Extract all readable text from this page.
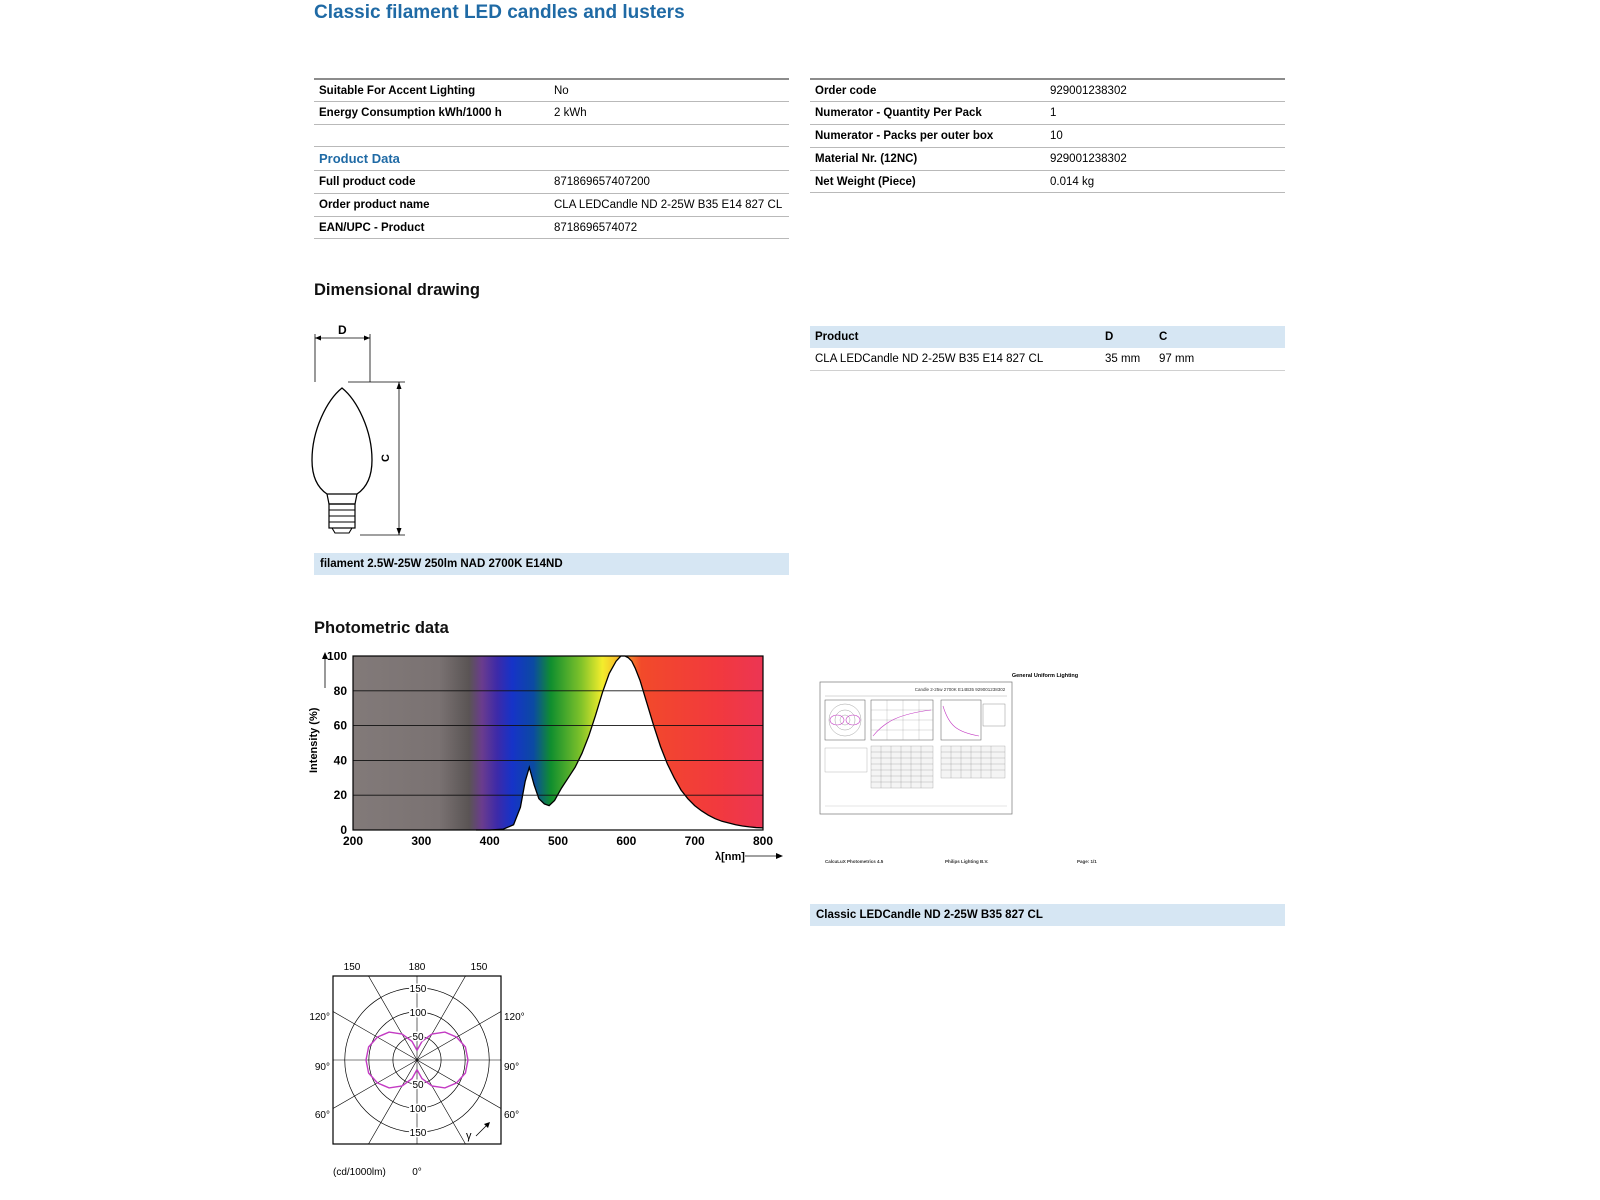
Classic filament LED candles and lusters
Suitable For Accent Lighting	No
Energy Consumption kWh/1000 h	2 kWh

Product Data	
Full product code	871869657407200
Order product name	CLA LEDCandle ND 2-25W B35 E14 827 CL
EAN/UPC - Product	8718696574072
Order code	929001238302
Numerator - Quantity Per Pack	1
Numerator - Packs per outer box	10
Material Nr. (12NC)	929001238302
Net Weight (Piece)	0.014 kg
Dimensional drawing
D
C
filament 2.5W-25W 250lm NAD 2700K E14ND
Product	D	C
CLA LEDCandle ND 2-25W B35 E14 827 CL	35 mm	97 mm
Photometric data
0
20
40
60
80
100
200	300	400	500	600	700	800
Intensity (%)
λ[nm]
General Uniform Lighting
Candle 2-25w 2700K E14B35 929001238302
CalcuLuX Photometrics 4.5	Philips Lighting B.V.	Page: 1/1
Classic LEDCandle ND 2-25W B35 827 CL
50
50
100
100
150
150
150	180	150
120°
90°
60°
120°
90°
60°
(cd/1000lm)	0°
γ
